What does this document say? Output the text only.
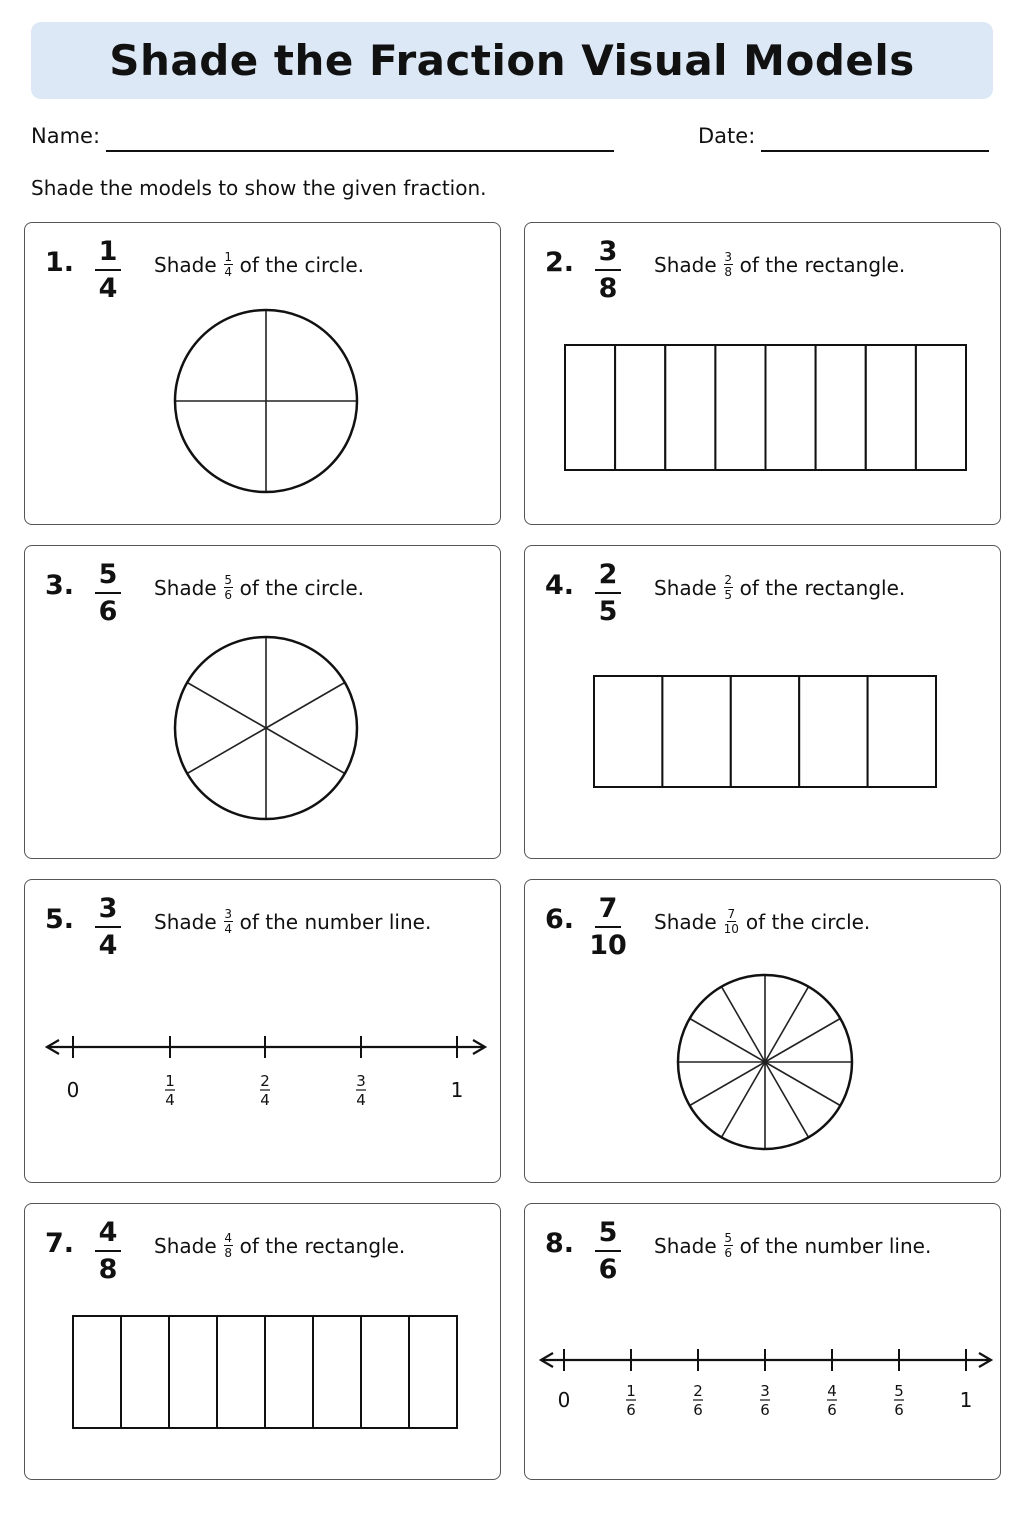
Shade the Fraction Visual Models
Name:	Date:
Shade the models to show the given fraction.
1. 1
4
Shade 1
4 of the circle.	2. 3
8
Shade 3
8 of the rectangle.
3. 5
6
Shade 5
6 of the circle.	4. 2
5
Shade 2
5 of the rectangle.
5. 3
4
Shade 3
4 of the number line.
0	1
4
2
4
3
4	1
6. 7
10
Shade 7
10 of the circle.
7. 4
8
Shade 4
8 of the rectangle.	8. 5
6
Shade 5
6 of the number line.
0	1
6
2
6
3
6
4
6
5
6	1
